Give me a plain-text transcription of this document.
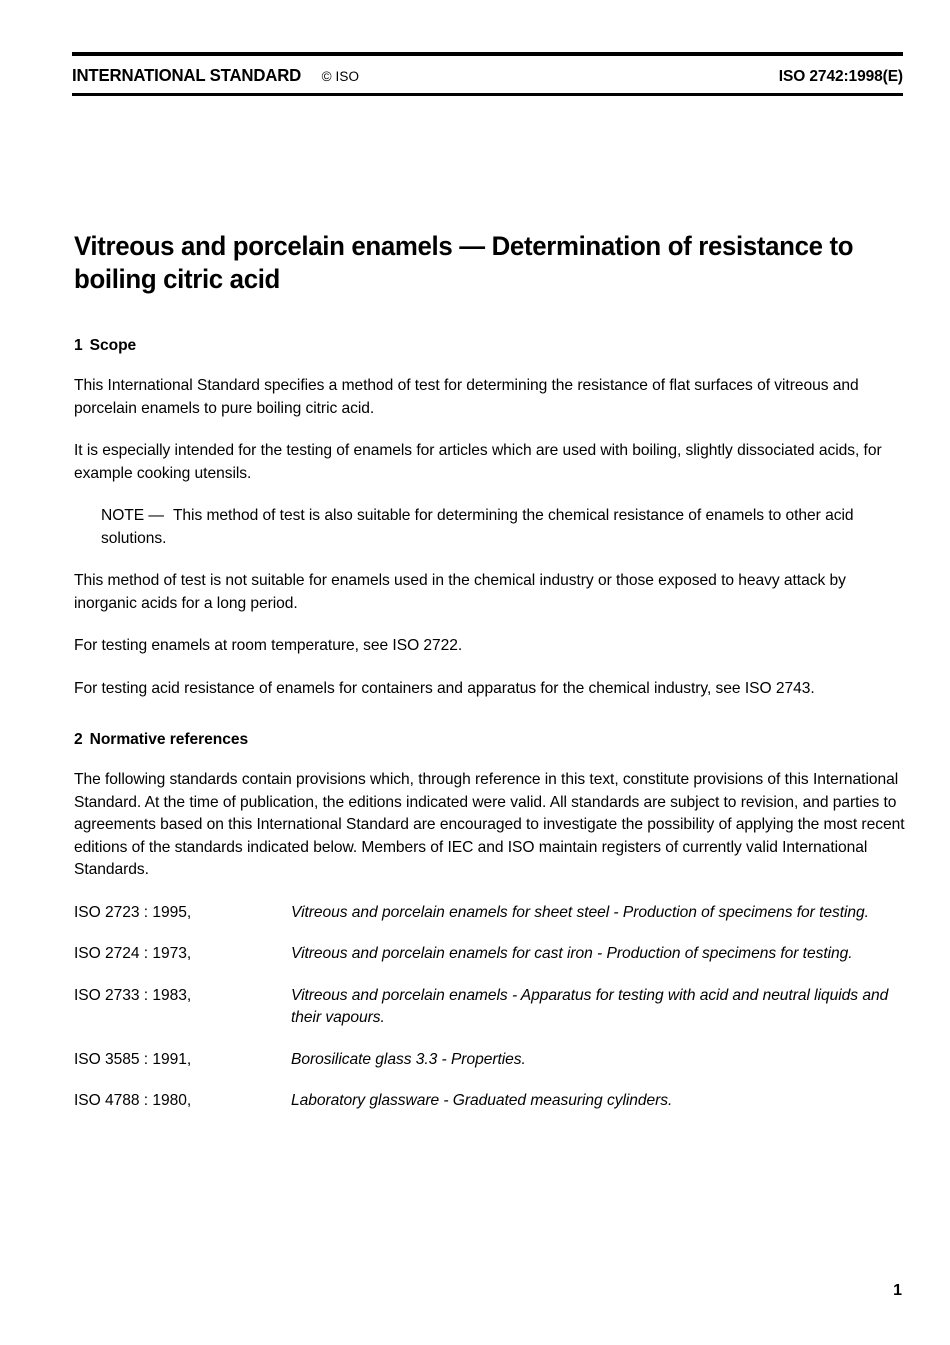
INTERNATIONAL STANDARD © ISO	ISO 2742:1998(E)
Vitreous and porcelain enamels — Determination of resistance to boiling citric acid
1 Scope

This International Standard specifies a method of test for determining the resistance of flat surfaces of vitreous and porcelain enamels to pure boiling citric acid.

It is especially intended for the testing of enamels for articles which are used with boiling, slightly dissociated acids, for example cooking utensils.

NOTE — This method of test is also suitable for determining the chemical resistance of enamels to other acid solutions.

This method of test is not suitable for enamels used in the chemical industry or those exposed to heavy attack by inorganic acids for a long period.

For testing enamels at room temperature, see ISO 2722.

For testing acid resistance of enamels for containers and apparatus for the chemical industry, see ISO 2743.

2 Normative references

The following standards contain provisions which, through reference in this text, constitute provisions of this International Standard. At the time of publication, the editions indicated were valid. All standards are subject to revision, and parties to agreements based on this International Standard are encouraged to investigate the possibility of applying the most recent editions of the standards indicated below. Members of IEC and ISO maintain registers of currently valid International Standards.

ISO 2723 : 1995,	Vitreous and porcelain enamels for sheet steel - Production of specimens for testing.
ISO 2724 : 1973,	Vitreous and porcelain enamels for cast iron - Production of specimens for testing.
ISO 2733 : 1983,	Vitreous and porcelain enamels - Apparatus for testing with acid and neutral liquids and their vapours.
ISO 3585 : 1991,	Borosilicate glass 3.3 - Properties.
ISO 4788 : 1980,	Laboratory glassware - Graduated measuring cylinders.
1
